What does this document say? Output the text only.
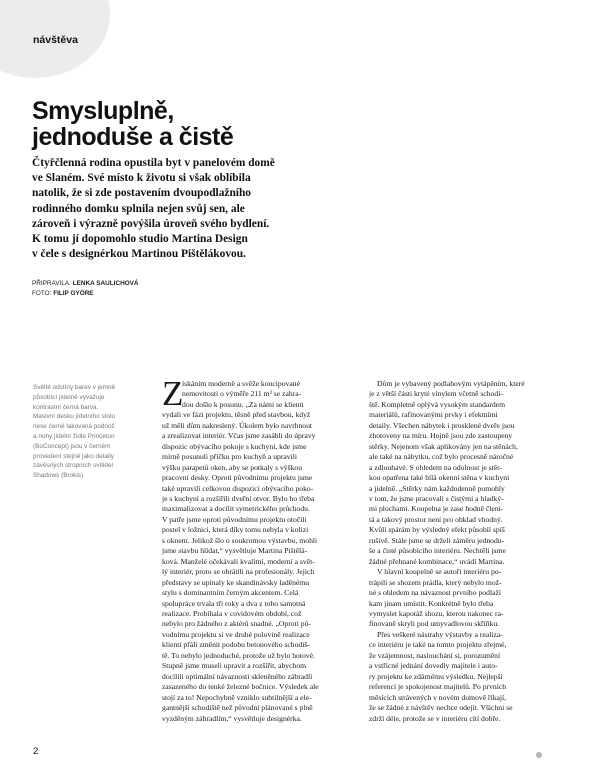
návštěva
Smysluplně,
jednoduše a čistě
Čtyřčlenná rodina opustila byt v panelovém domě
ve Slaném. Své místo k životu si však oblíbila
natolik, že si zde postavením dvoupodlažního
rodinného domku splnila nejen svůj sen, ale
zároveň i výrazně povýšila úroveň svého bydlení.
K tomu jí dopomohlo studio Martina Design
v čele s designérkou Martinou Pištělákovou.
PŘIPRAVILA: LENKA SAULICHOVÁ
FOTO: FILIP GYÖRE
Světlé odstíny barev v jemně
působící jídelně vyvažuje
kontrastní černá barva.
Masivní desku jídelního stolu
nese černě lakovaná podnož
a nohy jídelní židle Princeton
(BoConcept) jsou v černém
provedení stejně jako detaily
závěsných stropních svítidel
Shadows (Brokis).
Z
ískáním moderně a svěže koncipované
nemovitosti o výměře 211 m² se zahra-
dou došlo k posunu. „Za námi se klienti
vydali ve fázi projektu, těsně před stavbou, když
už měli dům nakreslený. Úkolem bylo navrhnout
a zrealizovat interiér. Včas jsme zasáhli do úpravy
dispozic obývacího pokoje s kuchyní, kde jsme
mírně posunuli příčku pro kuchyň a upravili
výšku parapetů oken, aby se potkaly s výškou
pracovní desky. Oproti původnímu projektu jsme
také upravili celkovou dispozici obývacího poko-
je s kuchyní a rozšířili dveřní otvor. Bylo ho třeba
maximalizovat a docílit symetrického průchodu.
V patře jsme oproti původnímu projektu otočili
postel v ložnici, která díky tomu nebyla v kolizi
s oknem. Jelikož šlo o soukromou výstavbu, mohli
jsme stavbu hlídat,“ vysvětluje Martina Pištělá-
ková. Manželé očekávali kvalitní, moderní a svět-
lý interiér, proto se obrátili na profesionály. Jejich
představy se upínaly ke skandinávsky laděnému
stylu s dominantním černým akcentem. Celá
spolupráce trvala tři roky a dva z toho samotná
realizace. Probíhala v covidovém období, což
nebylo pro žádného z aktérů snadné. „Oproti pů-
vodnímu projektu si ve druhé polovině realizace
klienti přáli změnit podobu betonového schodiš-
tě. To nebylo jednoduché, protože už bylo hotové.
Stupně jsme museli upravit a rozšířit, abychom
docílili optimální návaznosti skleněného zábradlí
zasazeného do tenké železné bočnice. Výsledek ale
stojí za to! Nepochybně vzniklo subtilnější a ele-
gantnější schodiště než původní plánované s plně
vyzděným zábradlím,“ vysvětluje designérka.
Dům je vybavený podlahovým vytápěním, které
je z větší části kryté vinylem včetně schodi-
ště. Kompletně oplývá vysokým standardem
materiálů, rafinovanými prvky i efektními
detaily. Všechen nábytek i prosklené dveře jsou
zhotoveny na míru. Hojně jsou zde zastoupeny
stěrky. Nejenom však aplikovány jen na stěnách,
ale také na nábytku, což bylo procesně náročné
a zdlouhavé. S ohledem na odolnost je stěr-
kou opatřena také bílá okenní stěna v kuchyni
a jídelně. „Stěrky nám každodenně pomohly
v tom, že jsme pracovali s čistými a hladký-
mi plochami. Koupelna je zase hodně členi-
tá a takový prostor není pro obklad vhodný.
Kvůli spárám by výsledný efekt působil spíš
rušivě. Stále jsme se drželi záměru jednodu-
še a čisté působícího interiéru. Nechtěli jsme
žádné přehnané kombinace,“ uvádí Martina.
V hlavní koupelně se autoři interiéru po-
trápili se shozem prádla, který nebylo mož-
né s ohledem na návaznost prvního podlaží
kam jinam umístit. Konkrétně bylo třeba
vymyslet kapotáž shozu, kterou nakonec ra-
finovaně skryli pod umyvadlovou skříňku.
Přes veškeré nástrahy výstavby a realiza-
ce interiéru je také na tomto projektu zřejmé,
že vzájemnost, naslouchání si, porozumění
a vstřícné jednání dovedly majitele i auto-
ry projektu ke zdárnému výsledku. Nejlepší
referencí je spokojenost majitelů. Po prvních
měsících strávených v novém domově říkají,
že se žádné z návštěv nechce odejít. Všichni se
zdrží déle, protože se v interiéru cítí dobře.
2
